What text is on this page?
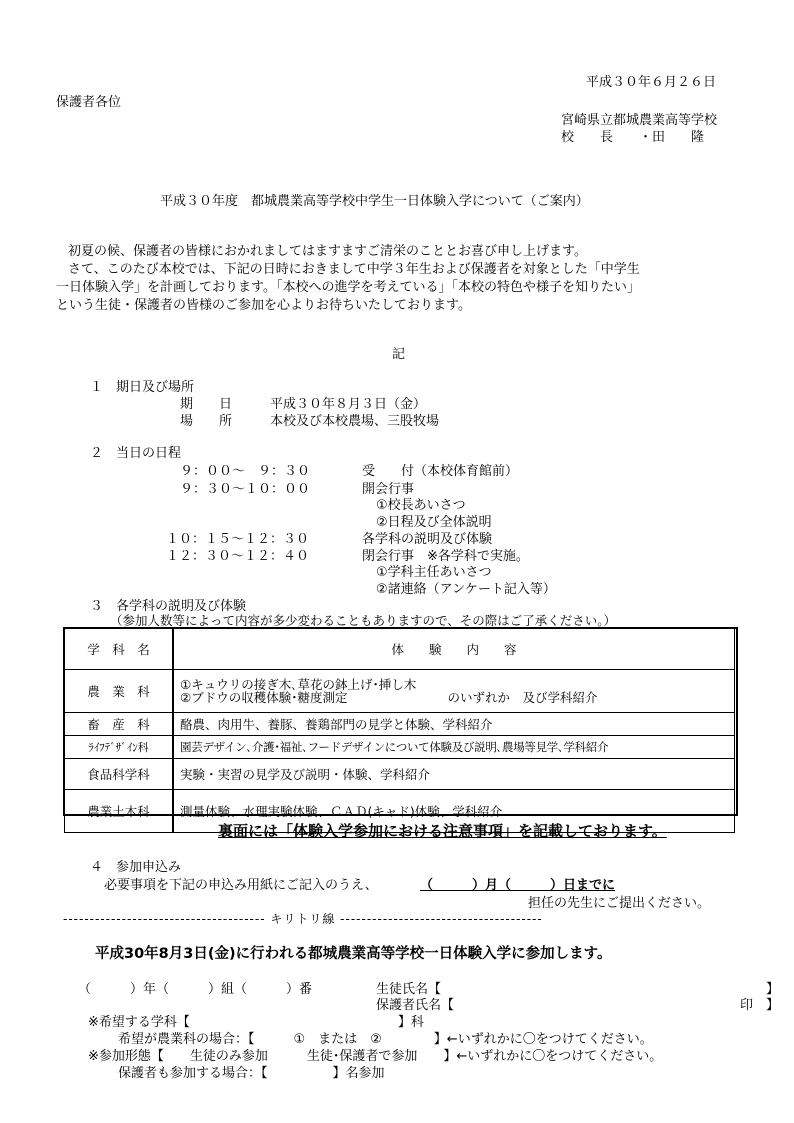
平成３０年６月２６日
保護者各位
宮崎県立都城農業高等学校
校　　長　　・田　　隆
平成３０年度　都城農業高等学校中学生一日体験入学について（ご案内）
初夏の候、保護者の皆様におかれましてはますますご清栄のこととお喜び申し上げます。
さて、このたび本校では、下記の日時におきまして中学３年生および保護者を対象とした「中学生
一日体験入学」を計画しております。「本校への進学を考えている」「本校の特色や様子を知りたい」
という生徒・保護者の皆様のご参加を心よりお待ちいたしております。
記
１　期日及び場所
期　　日	平成３０年８月３日（金）
場　　所	本校及び本校農場、三股牧場
２　当日の日程
９：００～　９：３０	受　　付（本校体育館前）
９：３０～１０：００	開会行事
①校長あいさつ
②日程及び全体説明
１０：１５～１２：３０	各学科の説明及び体験
１２：３０～１２：４０	閉会行事　※各学科で実施。
①学科主任あいさつ
②諸連絡（アンケート記入等）
３　各学科の説明及び体験
（参加人数等によって内容が多少変わることもありますので、その際はご了承ください。）
学　科　名	体　　験　　内　　容
農　業　科	①キュウリの接ぎ木､草花の鉢上げ･挿し木
②ブドウの収穫体験･糖度測定　　　　　　　　のいずれか　及び学科紹介

畜　産　科	酪農、肉用牛、養豚、養鶏部門の見学と体験、学科紹介
ﾗｲﾌﾃﾞｻﾞｲﾝ科	園芸デザイン､介護･福祉､フードデザインについて体験及び説明､農場等見学､学科紹介
食品科学科	実験・実習の見学及び説明・体験、学科紹介
農業土木科	測量体験、水理実験体験、ＣＡＤ(キャド)体験、学科紹介
裏面には「体験入学参加における注意事項」を記載しております。
４　参加申込み
必要事項を下記の申込み用紙にご記入のうえ、	（　　　）月（　　　）日までに
担任の先生にご提出ください。
-------------------------------------- キリトリ線 --------------------------------------
平成30年8月3日(金)に行われる都城農業高等学校一日体験入学に参加します。
（　　　）年（　　　）組（　　　）番	生徒氏名【　　　　　　　　　　　　　　　　　　　　　　　　　】
保護者氏名【　　　　　　　　　　　　　　　　　　　　　　印　】
※希望する学科【　　　　　　　　　　　　　　　　】科
希望が農業科の場合：【　　　①　または　②　　　　】←いずれかに〇をつけてください。
※参加形態【　　生徒のみ参加　　　生徒･保護者で参加　　】←いずれかに〇をつけてください。
保護者も参加する場合：【　　　　　】名参加
